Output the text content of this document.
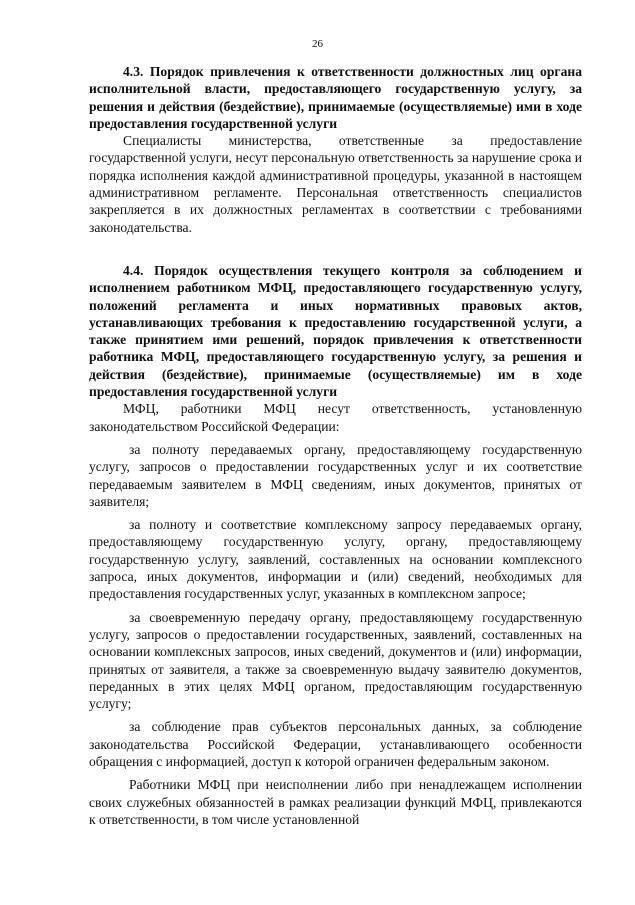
26

4.3. Порядок привлечения к ответственности должностных лиц органа исполнительной власти, предоставляющего государственную услугу, за решения и действия (бездействие), принимаемые (осуществляемые) ими в ходе предоставления государственной услуги

Специалисты министерства, ответственные за предоставление государственной услуги, несут персональную ответственность за нарушение срока и порядка исполнения каждой административной процедуры, указанной в настоящем административном регламенте. Персональная ответственность специалистов закрепляется в их должностных регламентах в соответствии с требованиями законодательства.

4.4. Порядок осуществления текущего контроля за соблюдением и исполнением работником МФЦ, предоставляющего государственную услугу, положений регламента и иных нормативных правовых актов, устанавливающих требования к предоставлению государственной услуги, а также принятием ими решений, порядок привлечения к ответственности работника МФЦ, предоставляющего государственную услугу, за решения и действия (бездействие), принимаемые (осуществляемые) им в ходе предоставления государственной услуги

МФЦ, работники МФЦ несут ответственность, установленную законодательством Российской Федерации:

за полноту передаваемых органу, предоставляющему государственную услугу, запросов о предоставлении государственных услуг и их соответствие передаваемым заявителем в МФЦ сведениям, иных документов, принятых от заявителя;

за полноту и соответствие комплексному запросу передаваемых органу, предоставляющему государственную услугу, органу, предоставляющему государственную услугу, заявлений, составленных на основании комплексного запроса, иных документов, информации и (или) сведений, необходимых для предоставления государственных услуг, указанных в комплексном запросе;

за своевременную передачу органу, предоставляющему государственную услугу, запросов о предоставлении государственных, заявлений, составленных на основании комплексных запросов, иных сведений, документов и (или) информации, принятых от заявителя, а также за своевременную выдачу заявителю документов, переданных в этих целях МФЦ органом, предоставляющим государственную услугу;

за соблюдение прав субъектов персональных данных, за соблюдение законодательства Российской Федерации, устанавливающего особенности обращения с информацией, доступ к которой ограничен федеральным законом.

Работники МФЦ при неисполнении либо при ненадлежащем исполнении своих служебных обязанностей в рамках реализации функций МФЦ, привлекаются к ответственности, в том числе установленной
